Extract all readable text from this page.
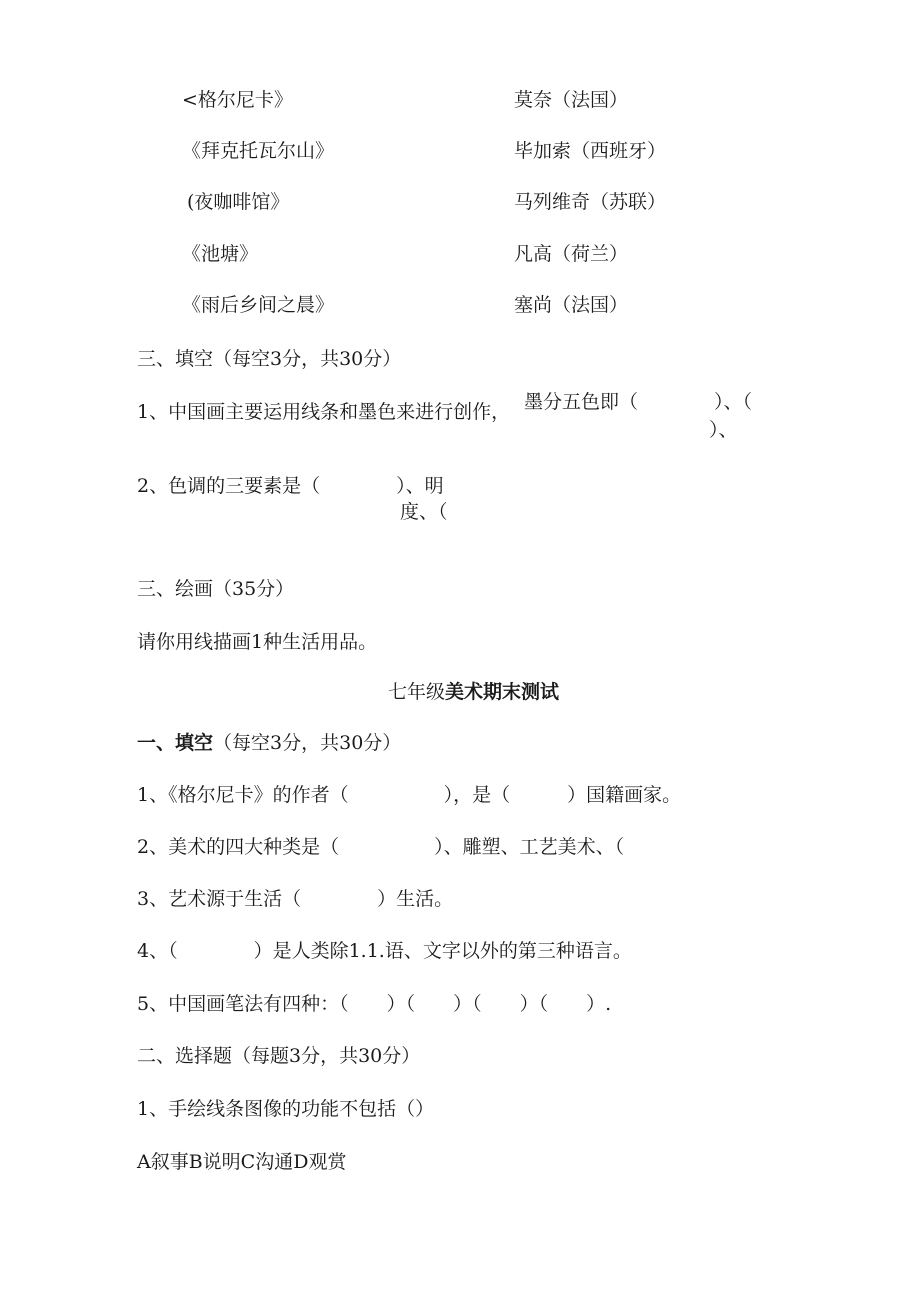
<格尔尼卡》
《拜克托瓦尔山》
(夜咖啡馆》
《池塘》
《雨后乡间之晨》
莫奈（法国）
毕加索（西班牙）
马列维奇（苏联）
凡高（荷兰）
塞尚（法国）
三、填空（每空3分，共30分）
1、中国画主要运用线条和墨色来进行创作， 墨分五色即（　　　　）、（
）、
2、色调的三要素是（　　　　）、明
度、（
三、绘画（35分）
请你用线描画1种生活用品。
七年级美术期末测试
一、填空（每空3分，共30分）
1、《格尔尼卡》的作者（　　　　　），是（　　　）国籍画家。
2、美术的四大种类是（　　　　　）、雕塑、工艺美术、（
3、艺术源于生活（　　　　）生活。
4、（　　　　）是人类除1.1.语、文字以外的第三种语言。
5、中国画笔法有四种：（　　）（　　）（　　）（　　）.
二、选择题（每题3分，共30分）
1、手绘线条图像的功能不包括（）
A叙事B说明C沟通D观赏
